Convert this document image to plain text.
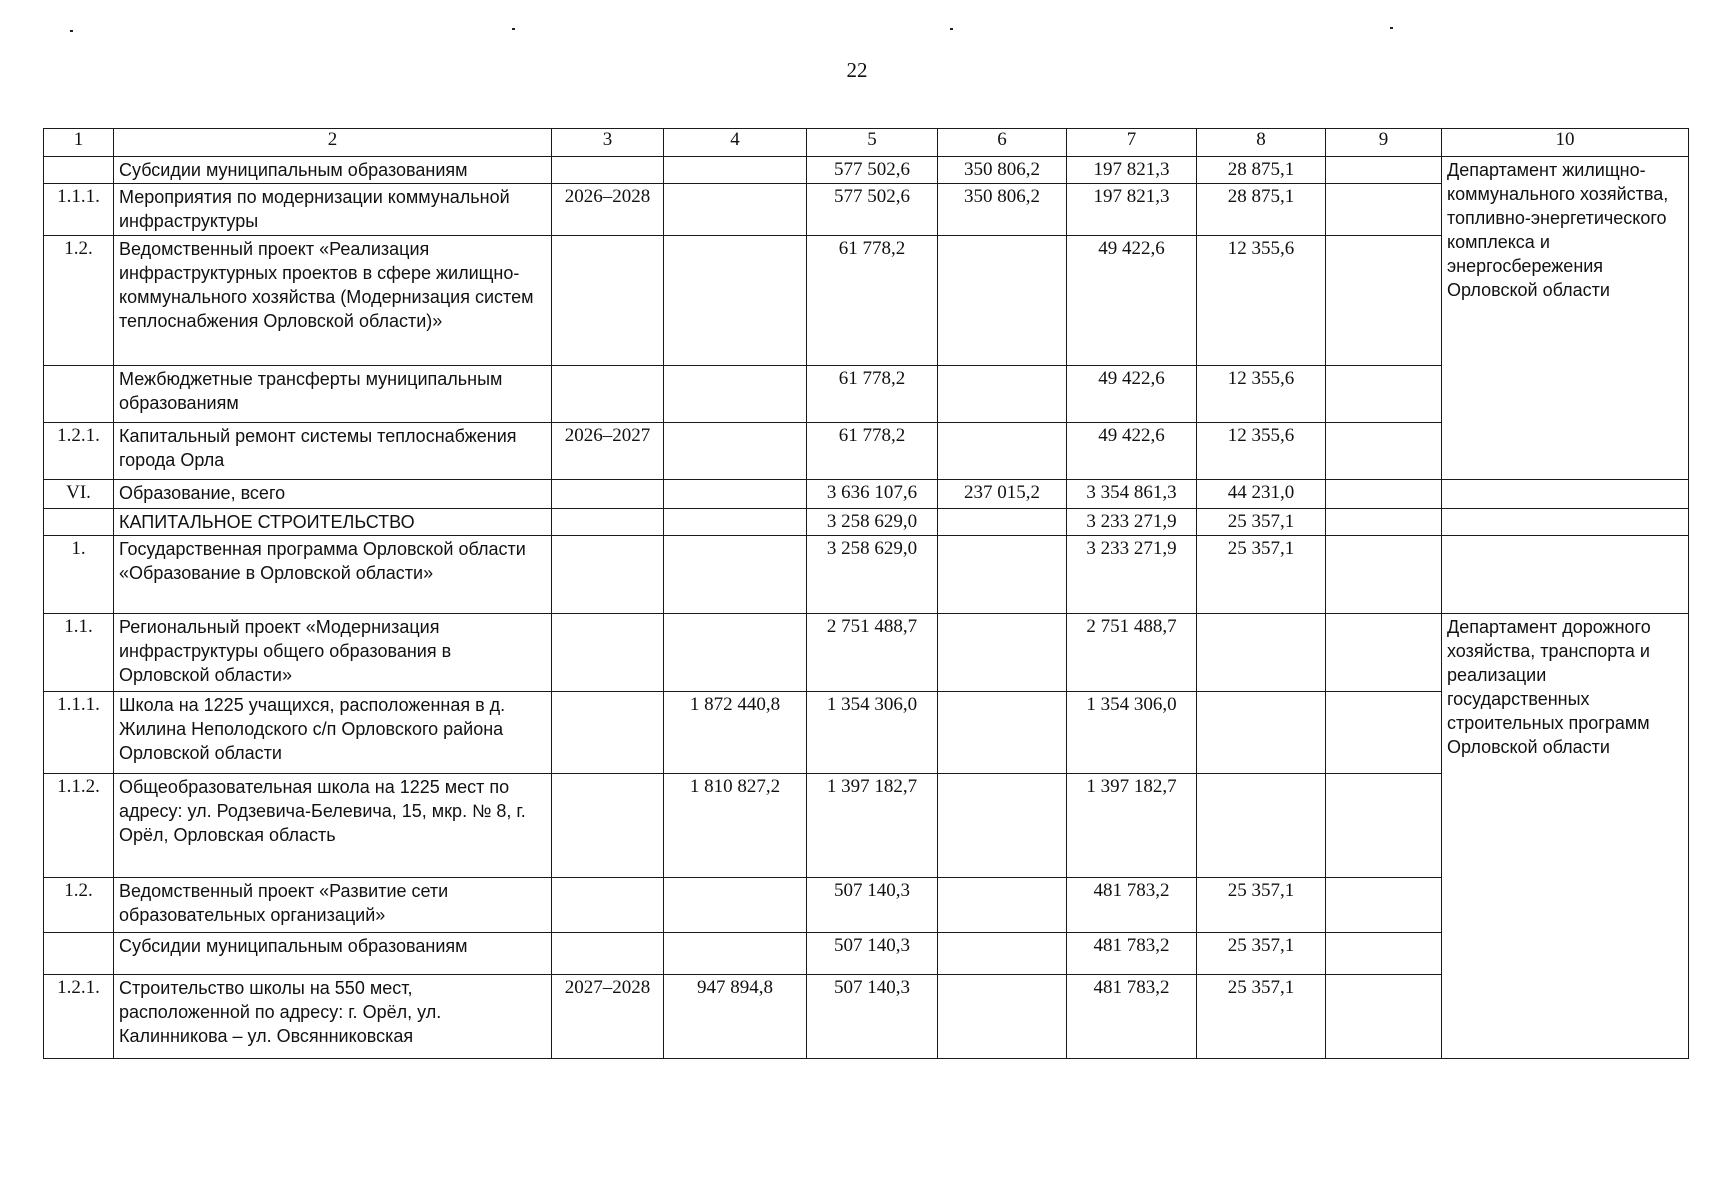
22
1	2	3	4	5	6	7	8	9	10
	Субсидии муниципальным образованиям			577 502,6	350 806,2	197 821,3	28 875,1		Департамент жилищно-коммунального хозяйства, топливно-энергетического комплекса и энергосбережения Орловской области
1.1.1.	Мероприятия по модернизации коммунальной инфраструктуры	2026–2028		577 502,6	350 806,2	197 821,3	28 875,1		
1.2.	Ведомственный проект «Реализация инфраструктурных проектов в сфере жилищно-коммунального хозяйства (Модернизация систем теплоснабжения Орловской области)»			61 778,2		49 422,6	12 355,6		
	Межбюджетные трансферты муниципальным образованиям			61 778,2		49 422,6	12 355,6		
1.2.1.	Капитальный ремонт системы теплоснабжения города Орла	2026–2027		61 778,2		49 422,6	12 355,6		
VI.	Образование, всего			3 636 107,6	237 015,2	3 354 861,3	44 231,0		
	КАПИТАЛЬНОЕ СТРОИТЕЛЬСТВО			3 258 629,0		3 233 271,9	25 357,1		
1.	Государственная программа Орловской области «Образование в Орловской области»			3 258 629,0		3 233 271,9	25 357,1		
1.1.	Региональный проект «Модернизация инфраструктуры общего образования в Орловской области»			2 751 488,7		2 751 488,7			Департамент дорожного хозяйства, транспорта и реализации государственных строительных программ Орловской области
1.1.1.	Школа на 1225 учащихся, расположенная в д. Жилина Неполодского с/п Орловского района Орловской области		1 872 440,8	1 354 306,0		1 354 306,0			
1.1.2.	Общеобразовательная школа на 1225 мест по адресу: ул. Родзевича-Белевича, 15, мкр. № 8, г. Орёл, Орловская область		1 810 827,2	1 397 182,7		1 397 182,7			
1.2.	Ведомственный проект «Развитие сети образовательных организаций»			507 140,3		481 783,2	25 357,1		
	Субсидии муниципальным образованиям			507 140,3		481 783,2	25 357,1		
1.2.1.	Строительство школы на 550 мест, расположенной по адресу: г. Орёл, ул. Калинникова – ул. Овсянниковская	2027–2028	947 894,8	507 140,3		481 783,2	25 357,1		
